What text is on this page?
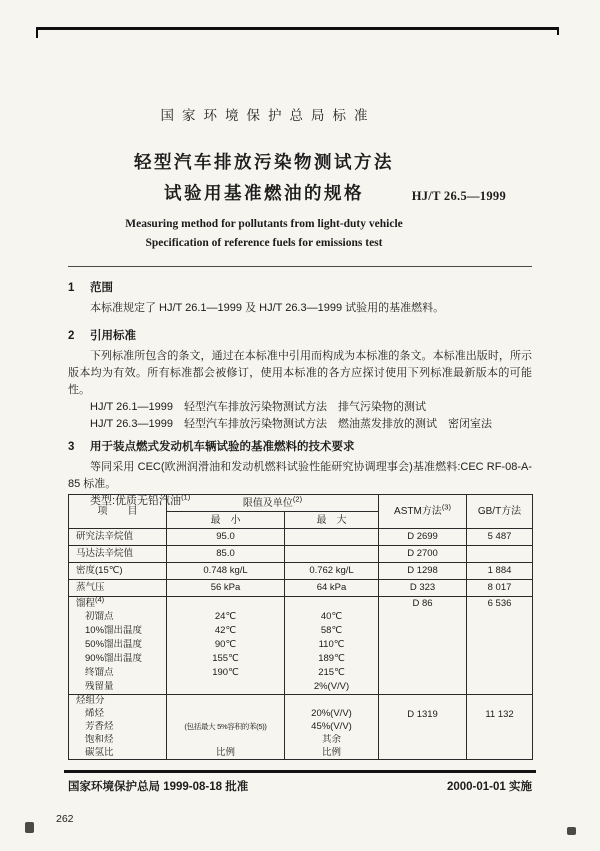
国家环境保护总局标准
轻型汽车排放污染物测试方法
试验用基准燃油的规格	HJ/T 26.5—1999
Measuring method for pollutants from light-duty vehicle
Specification of reference fuels for emissions test
1 范围
本标准规定了 HJ/T 26.1—1999 及 HJ/T 26.3—1999 试验用的基准燃料。
2 引用标准
下列标准所包含的条文，通过在本标准中引用而构成为本标准的条文。本标准出版时，所示版本均为有效。所有标准都会被修订，使用本标准的各方应探讨使用下列标准最新版本的可能性。
HJ/T 26.1—1999　轻型汽车排放污染物测试方法　排气污染物的测试
HJ/T 26.3—1999　轻型汽车排放污染物测试方法　燃油蒸发排放的测试　密闭室法
3 用于装点燃式发动机车辆试验的基准燃料的技术要求
等同采用 CEC(欧洲润滑油和发动机燃料试验性能研究协调理事会)基准燃料:CEC RF-08-A-85 标准。
类型:优质无铅汽油$^{(1)}$
项　　目	限值及单位$^{(2)}$		ASTM方法$^{(3)}$	GB/T方法
	最　小	最　大		
研究法辛烷值	95.0		D 2699	5 487
马达法辛烷值	85.0		D 2700	
密度(15℃)	0.748 kg/L	0.762 kg/L	D 1298	1 884
蒸气压	56 kPa	64 kPa	D 323	8 017
馏程$^{(4)}$			D 86	6 536
初馏点	24℃	40℃		
10%馏出温度	42℃	58℃		
50%馏出温度	90℃	110℃		
90%馏出温度	155℃	189℃		
终馏点	190℃	215℃		
残留量		2%(V/V)		
烃组分			D 1319	11 132
烯烃		20%(V/V)		
芳香烃	(包括最大 5%容积的苯(5))	45%(V/V)		
饱和烃		其余		
碳氢比	比例	比例		
国家环境保护总局 1999-08-18 批准	2000-01-01 实施
262
